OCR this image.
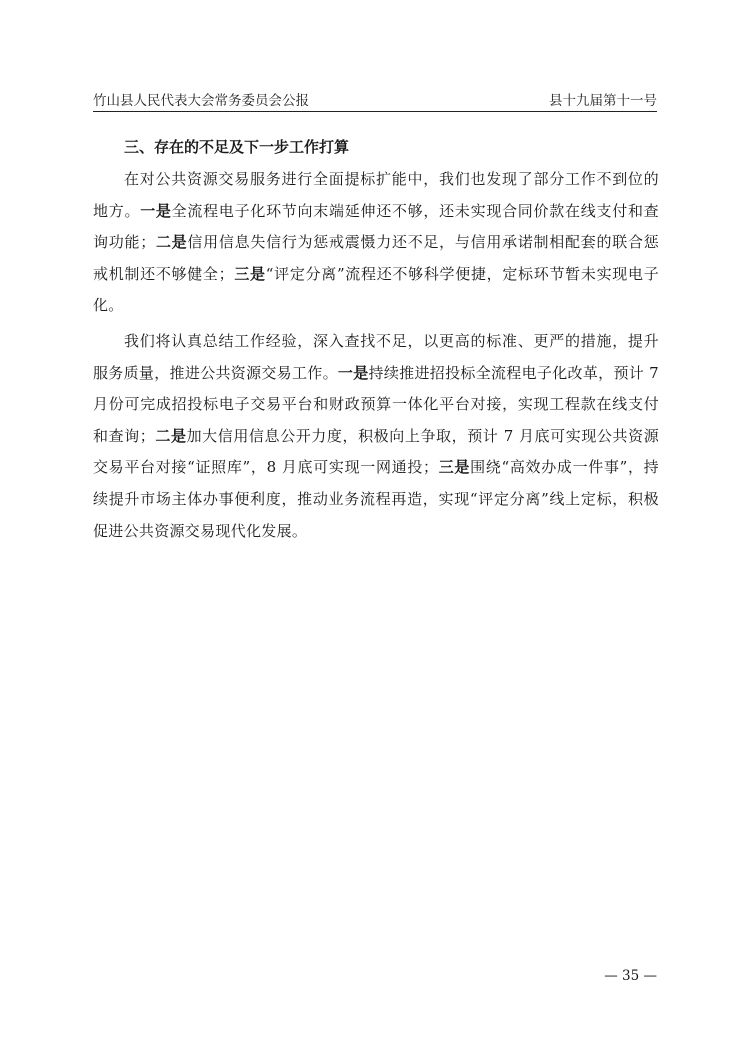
竹山县人民代表大会常务委员会公报	县十九届第十一号
三、存在的不足及下一步工作打算

在对公共资源交易服务进行全面提标扩能中，我们也发现了部分工作不到位的地方。一是全流程电子化环节向末端延伸还不够，还未实现合同价款在线支付和查询功能；二是信用信息失信行为惩戒震慑力还不足，与信用承诺制相配套的联合惩戒机制还不够健全；三是“评定分离”流程还不够科学便捷，定标环节暂未实现电子化。

我们将认真总结工作经验，深入查找不足，以更高的标准、更严的措施，提升服务质量，推进公共资源交易工作。一是持续推进招投标全流程电子化改革，预计 7 月份可完成招投标电子交易平台和财政预算一体化平台对接，实现工程款在线支付和查询；二是加大信用信息公开力度，积极向上争取，预计 7 月底可实现公共资源交易平台对接“证照库”，8 月底可实现一网通投；三是围绕“高效办成一件事”，持续提升市场主体办事便利度，推动业务流程再造，实现“评定分离”线上定标，积极促进公共资源交易现代化发展。

— 35 —
